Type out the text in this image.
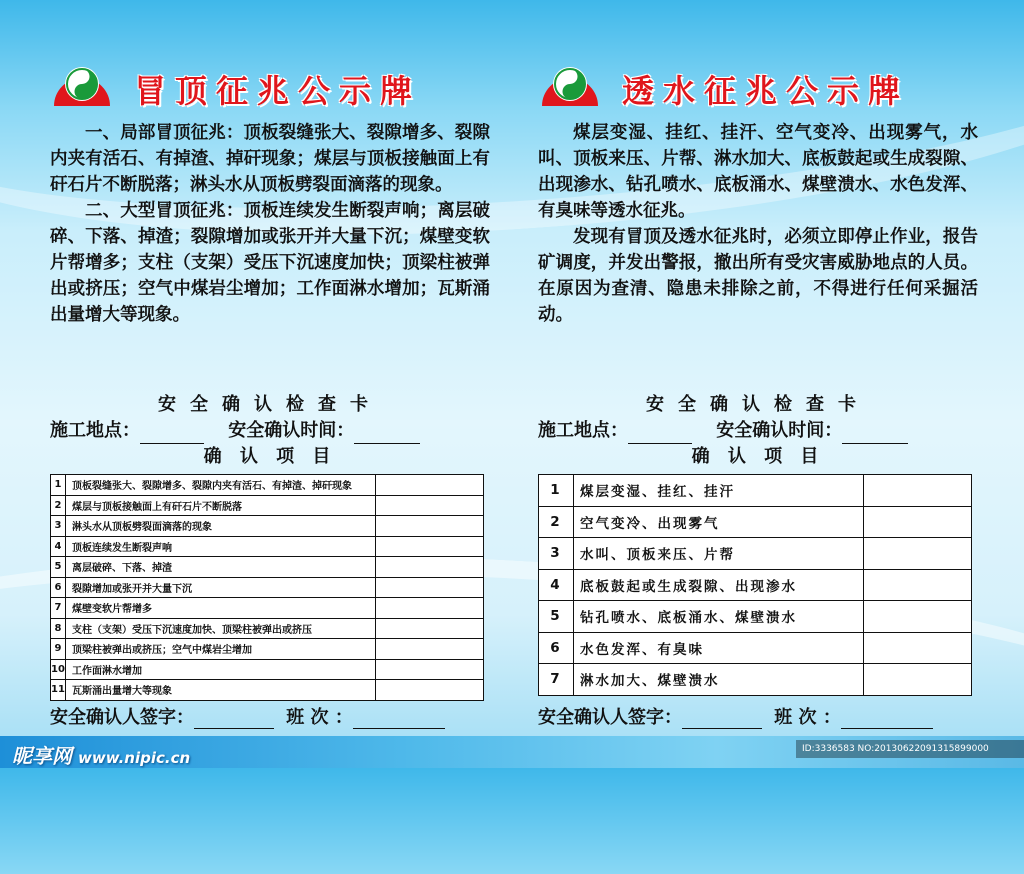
冒顶征兆公示牌

一、局部冒顶征兆：顶板裂缝张大、裂隙增多、裂隙内夹有活石、有掉渣、掉矸现象；煤层与顶板接触面上有矸石片不断脱落；淋头水从顶板劈裂面滴落的现象。

二、大型冒顶征兆：顶板连续发生断裂声响；离层破碎、下落、掉渣；裂隙增加或张开并大量下沉；煤壁变软片帮增多；支柱（支架）受压下沉速度加快；顶梁柱被弹出或挤压；空气中煤岩尘增加；工作面淋水增加；瓦斯涌出量增大等现象。

安全确认检查卡
施工地点：	安全确认时间：
确 认 项 目
1	顶板裂缝张大、裂隙增多、裂隙内夹有活石、有掉渣、掉矸现象	
2	煤层与顶板接触面上有矸石片不断脱落	
3	淋头水从顶板劈裂面滴落的现象	
4	顶板连续发生断裂声响	
5	离层破碎、下落、掉渣	
6	裂隙增加或张开并大量下沉	
7	煤壁变软片帮增多	
8	支柱（支架）受压下沉速度加快、顶梁柱被弹出或挤压	
9	顶梁柱被弹出或挤压；空气中煤岩尘增加	
10	工作面淋水增加	
11	瓦斯涌出量增大等现象	
透水征兆公示牌

煤层变湿、挂红、挂汗、空气变冷、出现雾气，水叫、顶板来压、片帮、淋水加大、底板鼓起或生成裂隙、出现渗水、钻孔喷水、底板涌水、煤壁溃水、水色发浑、有臭味等透水征兆。

发现有冒顶及透水征兆时，必须立即停止作业，报告矿调度，并发出警报，撤出所有受灾害威胁地点的人员。在原因为查清、隐患未排除之前，不得进行任何采掘活动。

安全确认检查卡
施工地点：	安全确认时间：
确 认 项 目
1	煤层变湿、挂红、挂汗	
2	空气变冷、出现雾气	
3	水叫、顶板来压、片帮	
4	底板鼓起或生成裂隙、出现渗水	
5	钻孔喷水、底板涌水、煤壁溃水	
6	水色发浑、有臭味	
7	淋水加大、煤壁溃水	
安全确认人签字：	班 次 ：	安全确认人签字：	班 次 ：
昵享网 www.nipic.cn	ID:3336583 NO:20130622091315899000
